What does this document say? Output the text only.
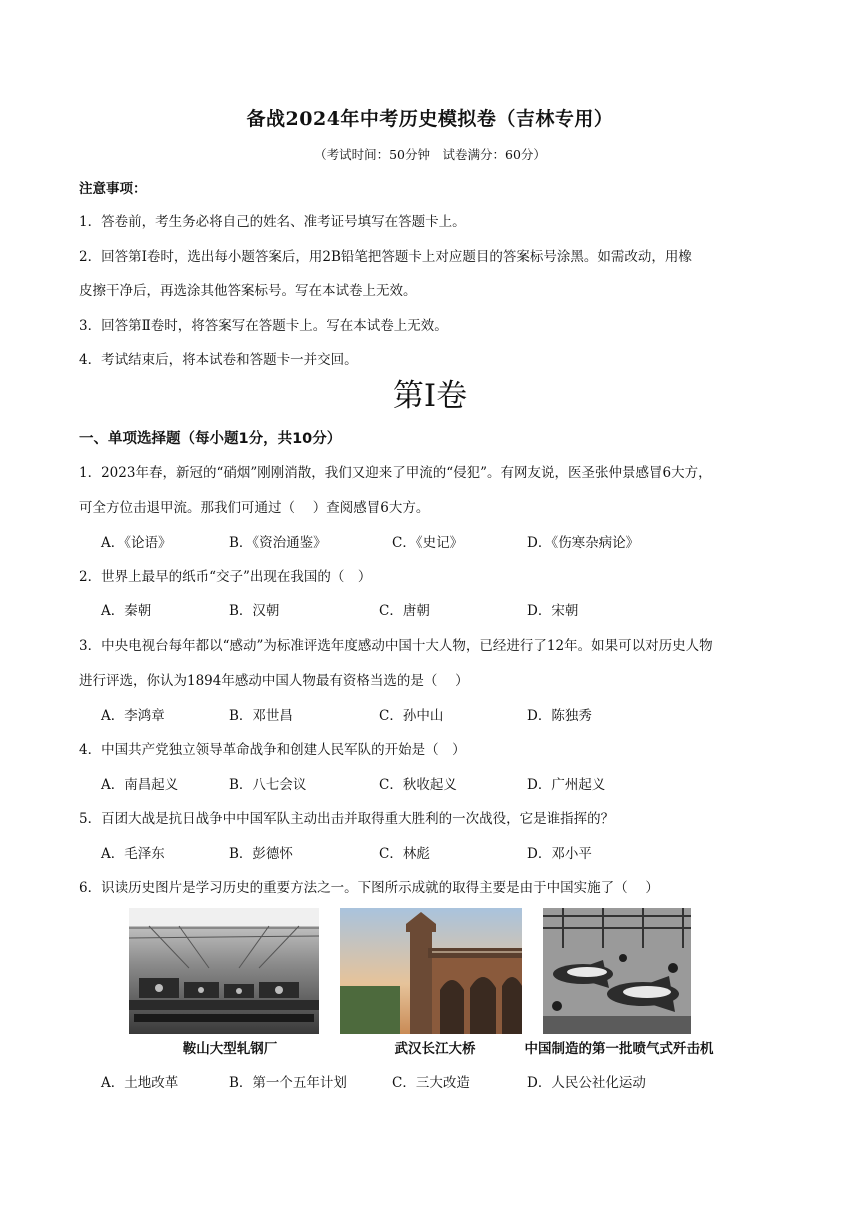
备战2024年中考历史模拟卷（吉林专用）
（考试时间：50分钟　试卷满分：60分）
注意事项：
1．答卷前，考生务必将自己的姓名、准考证号填写在答题卡上。
2．回答第Ⅰ卷时，选出每小题答案后，用2B铅笔把答题卡上对应题目的答案标号涂黑。如需改动，用橡
皮擦干净后，再选涂其他答案标号。写在本试卷上无效。
3．回答第Ⅱ卷时，将答案写在答题卡上。写在本试卷上无效。
4．考试结束后，将本试卷和答题卡一并交回。
第Ⅰ卷
一、单项选择题（每小题1分，共10分）
1．2023年春，新冠的“硝烟”刚刚消散，我们又迎来了甲流的“侵犯”。有网友说，医圣张仲景感冒6大方，
可全方位击退甲流。那我们可通过（　 ）查阅感冒6大方。
A．《论语》	B．《资治通鉴》	C．《史记》	D．《伤寒杂病论》
2．世界上最早的纸币“交子”出现在我国的（　）
A．秦朝	B．汉朝	C．唐朝	D．宋朝
3．中央电视台每年都以“感动”为标准评选年度感动中国十大人物，已经进行了12年。如果可以对历史人物
进行评选，你认为1894年感动中国人物最有资格当选的是（　 ）
A．李鸿章	B．邓世昌	C．孙中山	D．陈独秀
4．中国共产党独立领导革命战争和创建人民军队的开始是（　）
A．南昌起义	B．八七会议	C．秋收起义	D．广州起义
5．百团大战是抗日战争中中国军队主动出击并取得重大胜利的一次战役，它是谁指挥的？
A．毛泽东	B．彭德怀	C．林彪	D．邓小平
6．识读历史图片是学习历史的重要方法之一。下图所示成就的取得主要是由于中国实施了（　 ）
鞍山大型轧钢厂	武汉长江大桥	中国制造的第一批喷气式歼击机
A．土地改革	B．第一个五年计划	C．三大改造	D．人民公社化运动
